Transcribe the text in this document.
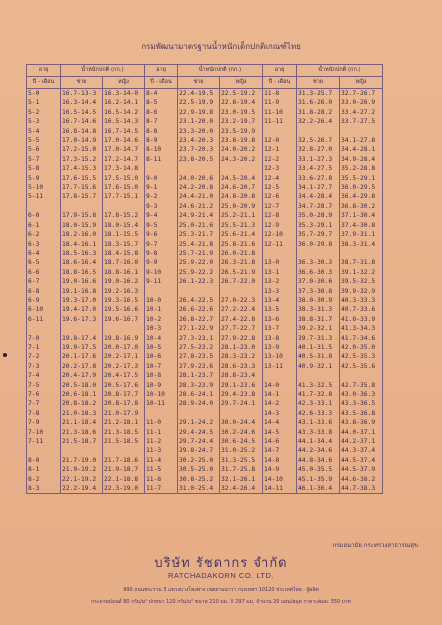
กรมพัฒนามาตรฐานน้ำหนักเด็กปกติเกณฑ์ไทย
อายุ	น้ำหนักปกติ (กก.)		อายุ	น้ำหนักปกติ (กก.)		อายุ	น้ำหนักปกติ (กก.)	
ปี - เดือน	ชาย	หญิง	ปี - เดือน	ชาย	หญิง	ปี - เดือน	ชาย	หญิง
5-0	16.7-13-3	16.3-14-0	8-4	22.4-19.5	22.5-19.2	11-8	31.3-25.7	32.7-26.7
5-1	16.3-14.4	16.2-14.1	8-5	22.5-19.9	22.8-19.4	11-9	31.6-26.0	33.0-26.9
5-2	16.5-14.5	16.5-14.2	8-6	22.9-19.8	23.0-19.5	11-10	31.8-28.2	33.4-27.2
5-3	16.7-14.6	16.5-14.3	8-7	23.1-20.0	23.2-19.7	11-11	32.2-26.4	33.7-27.5
5-4	16.8-14.8	16.7-14.5	8-8	23.3-20.0	23.5-19.9			
5-5	17.0-14.9	17.0-14.6	8-9	23.4-20.3	23.8-19.8	12-0	32.5-26.7	34.1-27.8
5-6	17.2-15.0	17.0-14.7	8-10	23.7-20.3	24.0-20.2	12-1	32.8-27.0	34.4-28.1
5-7	17.3-15.2	17.2-14.7	8-11	23.8-20.5	24.3-20.2	12-2	33.1-27.3	34.9-28.4
5-8	17.4-15.3	17.3-14.8				12-3	33.4-27.5	35.2-28.8
5-9	17.6-15.5	17.5-15.0	9-0	24.0-20.6	24.5-20.4	12-4	33.6-27.8	35.5-29.1
5-10	17.7-15.6	17.6-15.0	9-1	24.2-20.8	24.6-20.7	12-5	34.1-27.7	36.0-29.5
5-11	17.8-15.7	17.7-15.1	9-2	24.4-21.0	24.8-20.8	12-6	34.4-28.4	36.4-29.8
			9-3	24.6-21.2	25.0-20.9	12-7	34.7-28.7	36.8-30.2
6-0	17.9-15.8	17.8-15.2	9-4	24.9-21.4	25.2-21.1	12-8	35.0-28.9	37.1-30.4
6-1	18.0-15.9	18.0-15.4	9-5	25.0-21.6	25.5-21.3	12-9	35.3-29.1	37.4-30.8
6-2	18.2-16.0	18.1-15.5	9-6	25.3-21.7	25.6-21.4	12-10	35.7-29.7	37.9-31.1
6-3	18.4-16.1	18.3-15.7	9-7	25.4-21.8	25.8-21.6	12-11	36.0-29.8	38.3-31.4
6-4	18.5-16.3	18.4-15.8	9-8	25.7-21.9	26.0-21.8			
6-5	18.6-16.4	18.7-16.0	9-9	25.9-22.0	26.3-21.8	13-0	36.3-30.3	38.7-31.8
6-6	18.8-16.5	18.8-16.1	9-10	25.9-22.2	26.5-21.9	13-1	36.6-30.3	39.1-32.2
6-7	19.0-16.6	19.0-16.2	9-11	26.1-22.3	26.7-22.0	13-2	37.0-30.6	39.5-32.5
6-8	19.1-16.8	19.2-16.3				13-3	37.3-30.8	39.9-32.9
6-9	19.3-17.0	19.3-16.5	10-0	26.4-22.5	27.0-22.3	13-4	38.0-30.9	40.3-33.3
6-10	19.4-17.0	19.5-16.6	10-1	26.6-22.6	27.2-22.4	13-5	38.3-31.3	40.7-33.6
6-11	19.6-17.3	19.6-16.7	10-2	26.8-22.7	27.4-22.8	13-6	38.8-31.7	41.0-33.9
			10-3	27.1-22.9	27.7-22.7	13-7	39.2-32.1	41.3-34.3
7-0	19.8-17.4	19.8-16.9	10-4	27.3-23.1	27.9-22.8	13-8	39.7-31.3	41.7-34.6
7-1	19.9-17.5	20.0-17.0	10-5	27.5-23.2	28.1-23.0	13-9	40.1-31.5	42.0-35.0
7-2	20.1-17.6	20.2-17.1	10-6	27.8-23.5	28.3-23.2	13-10	40.5-31.8	42.5-35.3
7-3	20.2-17.8	20.2-17.3	10-7	27.9-23.6	28.6-23.3	13-11	40.9-32.1	42.5-35.6
7-4	20.4-17.9	20.4-17.5	10-8	28.1-23.7	28.8-23.4			
7-5	20.5-18.0	20.5-17.6	10-9	28.3-23.9	29.1-23.6	14-0	41.3-32.5	42.7-35.8
7-6	20.6-18.1	20.8-17.7	10-10	28.6-24.1	29.4-23.8	14-1	41.7-32.8	43.0-36.3
7-7	20.8-18.2	20.8-17.8	10-11	28.9-24.0	29.7-24.1	14-2	42.3-33.1	43.3-36.5
7-8	21.0-18.3	21.0-17.9				14-3	42.6-33.3	43.5-36.8
7-9	21.1-18.4	21.2-18.1	11-0	29.1-24.2	30.0-24.4	14-4	43.1-33.6	43.8-36.9
7-10	21.3-18.6	21.3-18.5	11-1	29.4-24.5	30.2-24.6	14-5	43.3-33.8	44.0-37.1
7-11	21.5-18.7	21.5-18.5	11-2	29.7-24.4	30.6-24.5	14-6	44.1-34.4	44.2-37.1
			11-3	29.8-24.7	31.0-25.2	14-7	44.2-34.6	44.3-37.4
8-0	21.7-19.0	21.7-18.6	11-4	30.2-25.0	31.3-25.5	14-8	44.8-34.6	44.5-37.4
8-1	21.9-19.2	21.9-18.7	11-5	30.5-25.0	31.7-25.8	14-9	45.0-35.5	44.5-37.9
8-2	22.1-19.2	22.1-18.8	11-6	30.8-25.2	32.1-26.1	14-10	45.1-35.9	44.6-38.2
8-3	22.2-19.4	22.3-19.0	11-7	31.0-25.4	32.4-26.4	14-11	46.1-36.4	44.7-38.3
กรมอนามัย กระทรวงสาธารณสุข
บริษัท รัชดากร จำกัด
RATCHADAKORN CO. LTD.
990 ถนนพระราม 3 แขวงบางโพงพาง เขตยานนาวา กรุงเทพฯ 10120 ประเทศไทย - ผู้ผลิต
กระดาษปอนด์ 80 กรัม/ม² ปกหนา 120 กรัม/ม² ขนาด 210 มม. X 297 มม. จำนวน 20 แผ่น/สมุด ราคาเล่มละ 350 บาท
